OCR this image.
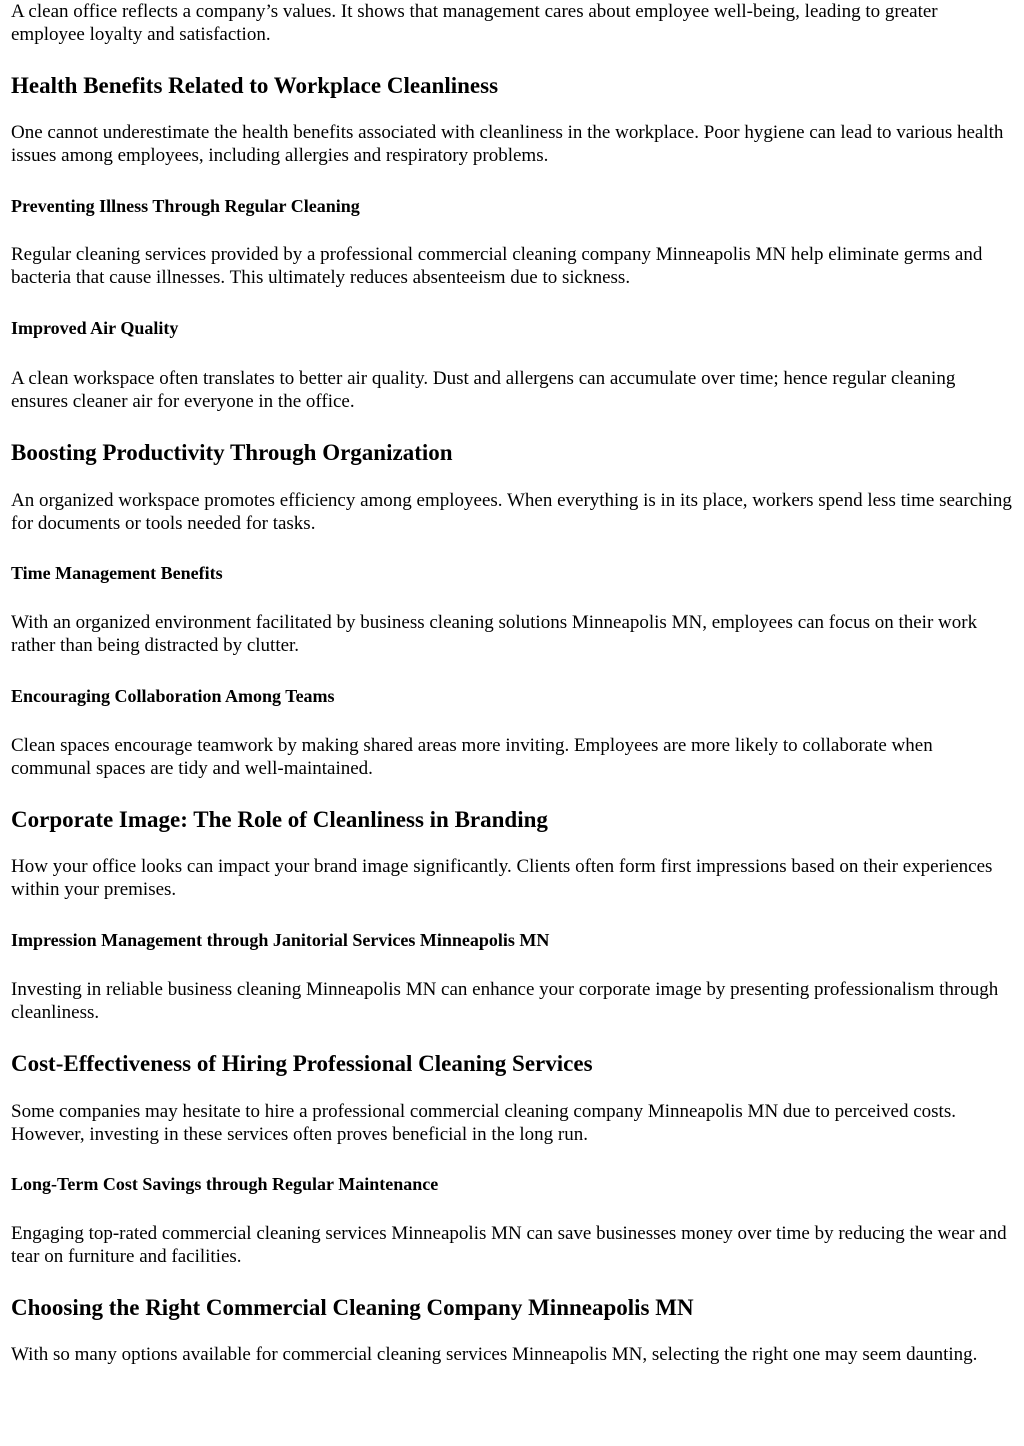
A clean office reflects a company’s values. It shows that management cares about employee well-being, leading to greater employee loyalty and satisfaction.

Health Benefits Related to Workplace Cleanliness

One cannot underestimate the health benefits associated with cleanliness in the workplace. Poor hygiene can lead to various health issues among employees, including allergies and respiratory problems.

Preventing Illness Through Regular Cleaning

Regular cleaning services provided by a professional commercial cleaning company Minneapolis MN help eliminate germs and bacteria that cause illnesses. This ultimately reduces absenteeism due to sickness.

Improved Air Quality

A clean workspace often translates to better air quality. Dust and allergens can accumulate over time; hence regular cleaning ensures cleaner air for everyone in the office.

Boosting Productivity Through Organization

An organized workspace promotes efficiency among employees. When everything is in its place, workers spend less time searching for documents or tools needed for tasks.

Time Management Benefits

With an organized environment facilitated by business cleaning solutions Minneapolis MN, employees can focus on their work rather than being distracted by clutter.

Encouraging Collaboration Among Teams

Clean spaces encourage teamwork by making shared areas more inviting. Employees are more likely to collaborate when communal spaces are tidy and well-maintained.

Corporate Image: The Role of Cleanliness in Branding

How your office looks can impact your brand image significantly. Clients often form first impressions based on their experiences within your premises.

Impression Management through Janitorial Services Minneapolis MN

Investing in reliable business cleaning Minneapolis MN can enhance your corporate image by presenting professionalism through cleanliness.

Cost-Effectiveness of Hiring Professional Cleaning Services

Some companies may hesitate to hire a professional commercial cleaning company Minneapolis MN due to perceived costs. However, investing in these services often proves beneficial in the long run.

Long-Term Cost Savings through Regular Maintenance

Engaging top-rated commercial cleaning services Minneapolis MN can save businesses money over time by reducing the wear and tear on furniture and facilities.

Choosing the Right Commercial Cleaning Company Minneapolis MN

With so many options available for commercial cleaning services Minneapolis MN, selecting the right one may seem daunting.
